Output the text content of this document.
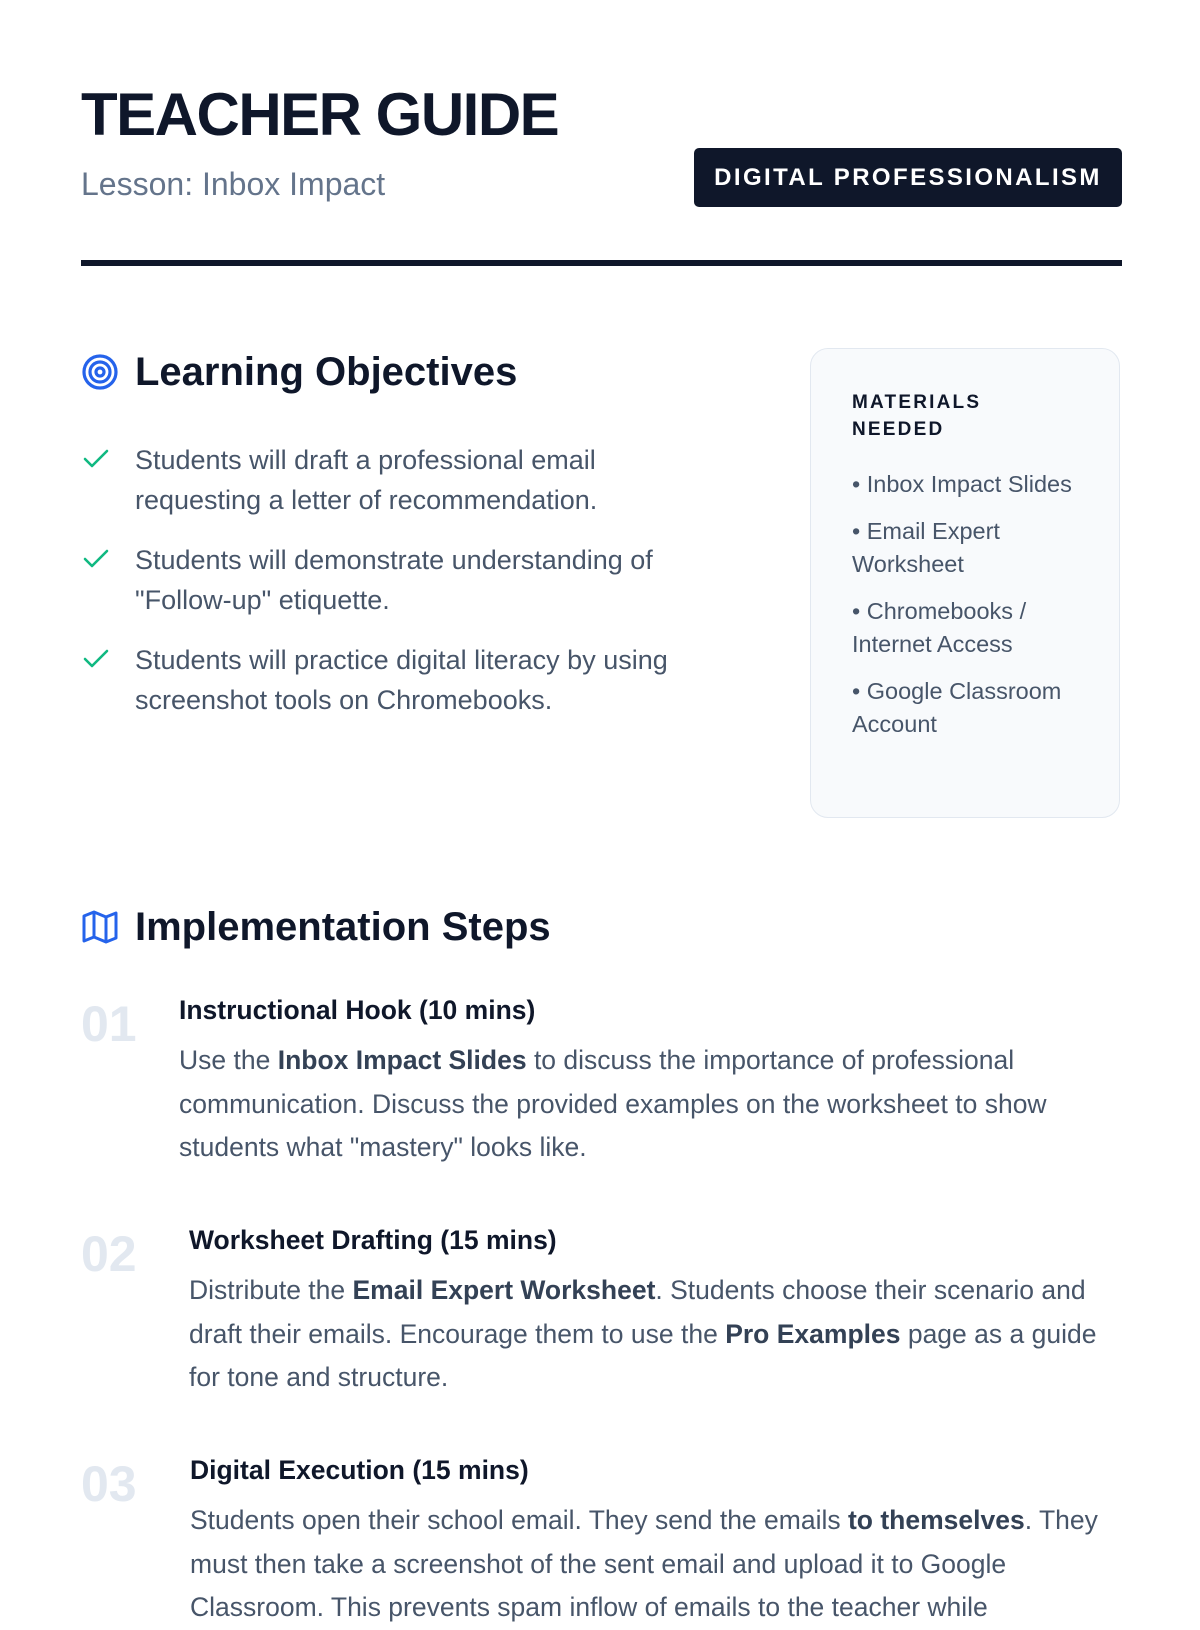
TEACHER GUIDE
Lesson: Inbox Impact	DIGITAL PROFESSIONALISM
Learning Objectives
Students will draft a professional email requesting a letter of recommendation.
Students will demonstrate understanding of "Follow-up" etiquette.
Students will practice digital literacy by using screenshot tools on Chromebooks.

MATERIALS NEEDED

• Inbox Impact Slides
• Email Expert Worksheet
• Chromebooks / Internet Access
• Google Classroom Account
Implementation Steps
01 Instructional Hook (10 mins)

Use the Inbox Impact Slides to discuss the importance of professional communication. Discuss the provided examples on the worksheet to show students what "mastery" looks like.

02 Worksheet Drafting (15 mins)

Distribute the Email Expert Worksheet. Students choose their scenario and draft their emails. Encourage them to use the Pro Examples page as a guide for tone and structure.

03 Digital Execution (15 mins)

Students open their school email. They send the emails to themselves. They must then take a screenshot of the sent email and upload it to Google Classroom. This prevents spam inflow of emails to the teacher while
